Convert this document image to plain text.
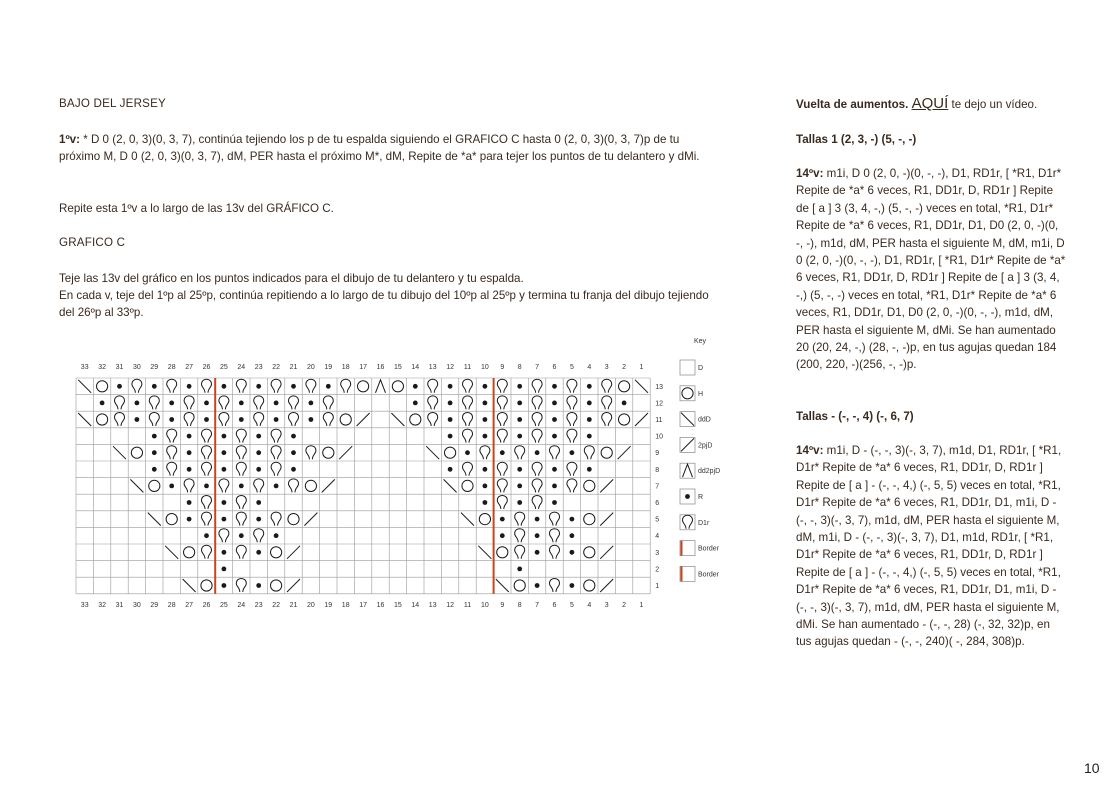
BAJO DEL JERSEY
1ºv: * D 0 (2, 0, 3)(0, 3, 7), continúa tejiendo los p de tu espalda siguiendo el GRAFICO C hasta 0 (2, 0, 3)(0, 3, 7)p de tu próximo M, D 0 (2, 0, 3)(0, 3, 7), dM, PER hasta el próximo M*, dM, Repite de *a* para tejer los puntos de tu delantero y dMi.
Repite esta 1ºv a lo largo de las 13v del GRÁFICO C.
GRAFICO C
Teje las 13v del gráfico en los puntos indicados para el dibujo de tu delantero y tu espalda.
En cada v, teje del 1ºp al 25ºp, continúa repitiendo a lo largo de tu dibujo del 10ºp al 25ºp y termina tu franja del dibujo tejiendo del 26ºp al 33ºp.
33
33
32
32
31
31
30
30
29
29
28
28
27
27
26
26
25
25
24
24
23
23
22
22
21
21
20
20
19
19
18
18
17
17
16
16
15
15
14
14
13
13
12
12
11
11
10
10
9
9
8
8
7
7
6
6
5
5
4
4
3
3
2
2
1
1
13
12
11
10
9
8
7
6
5
4
3
2
1
Key
D
H
ddD
2pjD
dd2pjD
R
D1r
Border
Border
Vuelta de aumentos. AQUÍ te dejo un vídeo.
Tallas 1 (2, 3, -) (5, -, -)
14ºv: m1i, D 0 (2, 0, -)(0, -, -), D1, RD1r, [ *R1, D1r* Repite de *a* 6 veces, R1, DD1r, D, RD1r ] Repite de [ a ] 3 (3, 4, -,) (5, -, -) veces en total, *R1, D1r* Repite de *a* 6 veces, R1, DD1r, D1, D0 (2, 0, -)(0, -, -), m1d, dM, PER hasta el siguiente M, dM, m1i, D 0 (2, 0, -)(0, -, -), D1, RD1r, [ *R1, D1r* Repite de *a* 6 veces, R1, DD1r, D, RD1r ] Repite de [ a ] 3 (3, 4, -,) (5, -, -) veces en total, *R1, D1r* Repite de *a* 6 veces, R1, DD1r, D1, D0 (2, 0, -)(0, -, -), m1d, dM, PER hasta el siguiente M, dMi. Se han aumentado 20 (20, 24, -,) (28, -, -)p, en tus agujas quedan 184 (200, 220, -)(256, -, -)p.
Tallas - (-, -, 4) (-, 6, 7)
14ºv: m1i, D - (-, -, 3)(-, 3, 7), m1d, D1, RD1r, [ *R1, D1r* Repite de *a* 6 veces, R1, DD1r, D, RD1r ] Repite de [ a ] - (-, -, 4,) (-, 5, 5) veces en total, *R1, D1r* Repite de *a* 6 veces, R1, DD1r, D1, m1i, D - (-, -, 3)(-, 3, 7), m1d, dM, PER hasta el siguiente M, dM, m1i, D - (-, -, 3)(-, 3, 7), D1, m1d, RD1r, [ *R1, D1r* Repite de *a* 6 veces, R1, DD1r, D, RD1r ] Repite de [ a ] - (-, -, 4,) (-, 5, 5) veces en total, *R1, D1r* Repite de *a* 6 veces, R1, DD1r, D1, m1i, D - (-, -, 3)(-, 3, 7), m1d, dM, PER hasta el siguiente M, dMi. Se han aumentado - (-, -, 28) (-, 32, 32)p, en tus agujas quedan - (-, -, 240)( -, 284, 308)p.
10
